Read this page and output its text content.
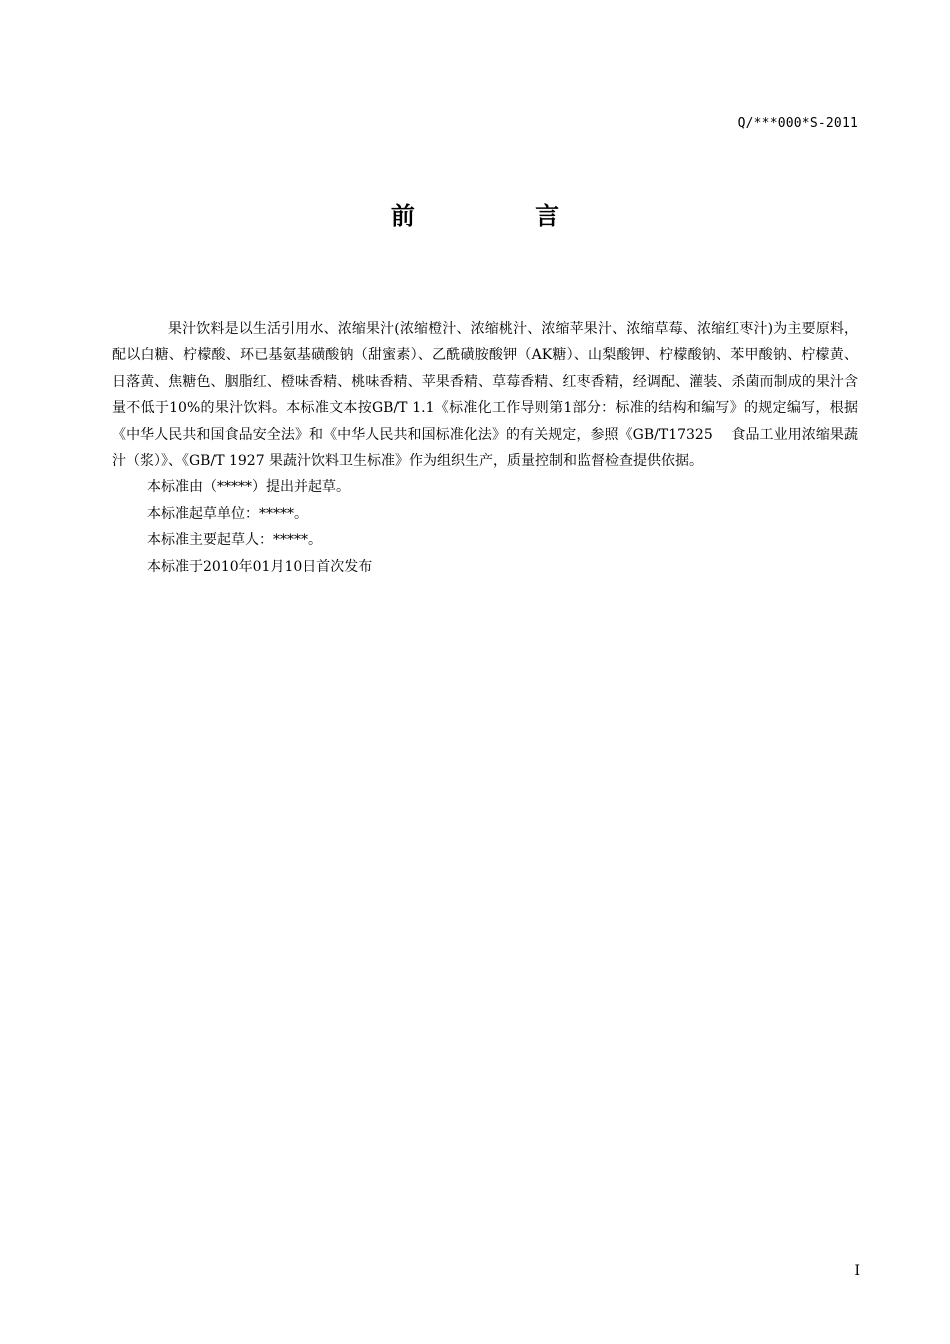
Q/***000*S-2011
前 言

果汁饮料是以生活引用水、浓缩果汁(浓缩橙汁、浓缩桃汁、浓缩苹果汁、浓缩草莓、浓缩红枣汁)为主要原料，配以白糖、柠檬酸、环已基氨基磺酸钠（甜蜜素）、乙酰磺胺酸钾（AK糖）、山梨酸钾、柠檬酸钠、苯甲酸钠、柠檬黄、日落黄、焦糖色、胭脂红、橙味香精、桃味香精、苹果香精、草莓香精、红枣香精，经调配、灌装、杀菌而制成的果汁含量不低于10%的果汁饮料。本标准文本按GB/T 1.1《标准化工作导则第1部分：标准的结构和编写》的规定编写，根据《中华人民共和国食品安全法》和《中华人民共和国标准化法》的有关规定，参照《GB/T17325　 食品工业用浓缩果蔬汁（浆）》、《GB/T 1927 果蔬汁饮料卫生标准》作为组织生产，质量控制和监督检查提供依据。

本标准由（*****）提出并起草。

本标准起草单位：*****。

本标准主要起草人：*****。

本标准于2010年01月10日首次发布

I
